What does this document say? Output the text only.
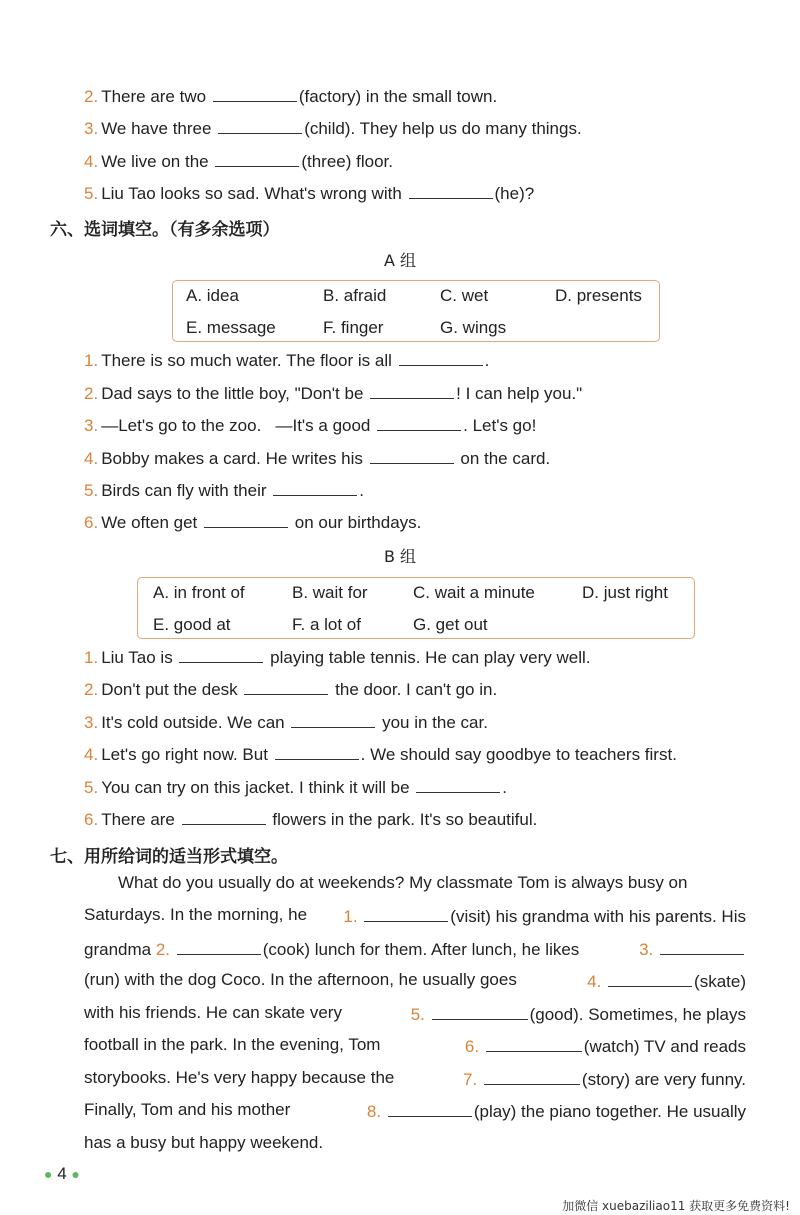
2. There are two	(factory) in the small town.
3. We have three	(child). They help us do many things.
4. We live on the	(three) floor.
5. Liu Tao looks so sad. What's wrong with	(he)?
六、选词填空。（有多余选项）
A 组
A. idea	B. afraid	C. wet	D. presents
E. message	F. finger	G. wings
1. There is so much water. The floor is all	.
2. Dad says to the little boy, "Don't be	! I can help you."
3. —Let's go to the zoo.   —It's a good	. Let's go!
4. Bobby makes a card. He writes his	on the card.
5. Birds can fly with their	.
6. We often get	on our birthdays.
B 组
A. in front of	B. wait for	C. wait a minute	D. just right
E. good at	F. a lot of	G. get out
1. Liu Tao is	playing table tennis. He can play very well.
2. Don't put the desk	the door. I can't go in.
3. It's cold outside. We can	you in the car.
4. Let's go right now. But	. We should say goodbye to teachers first.
5. You can try on this jacket. I think it will be	.
6. There are	flowers in the park. It's so beautiful.
七、用所给词的适当形式填空。
What do you usually do at weekends? My classmate Tom is always busy on
Saturdays. In the morning, he 1.	(visit) his grandma with his parents. His
grandma 2.	(cook) lunch for them. After lunch, he likes	3.
(run) with the dog Coco. In the afternoon, he usually goes	4.	(skate)
with his friends. He can skate very	5.	(good). Sometimes, he plays
football in the park. In the evening, Tom	6.	(watch) TV and reads
storybooks. He's very happy because the	7.	(story) are very funny.
Finally, Tom and his mother	8.	(play) the piano together. He usually
has a busy but happy weekend.
● 4 ●
加微信 xuebaziliao11 获取更多免费资料!
